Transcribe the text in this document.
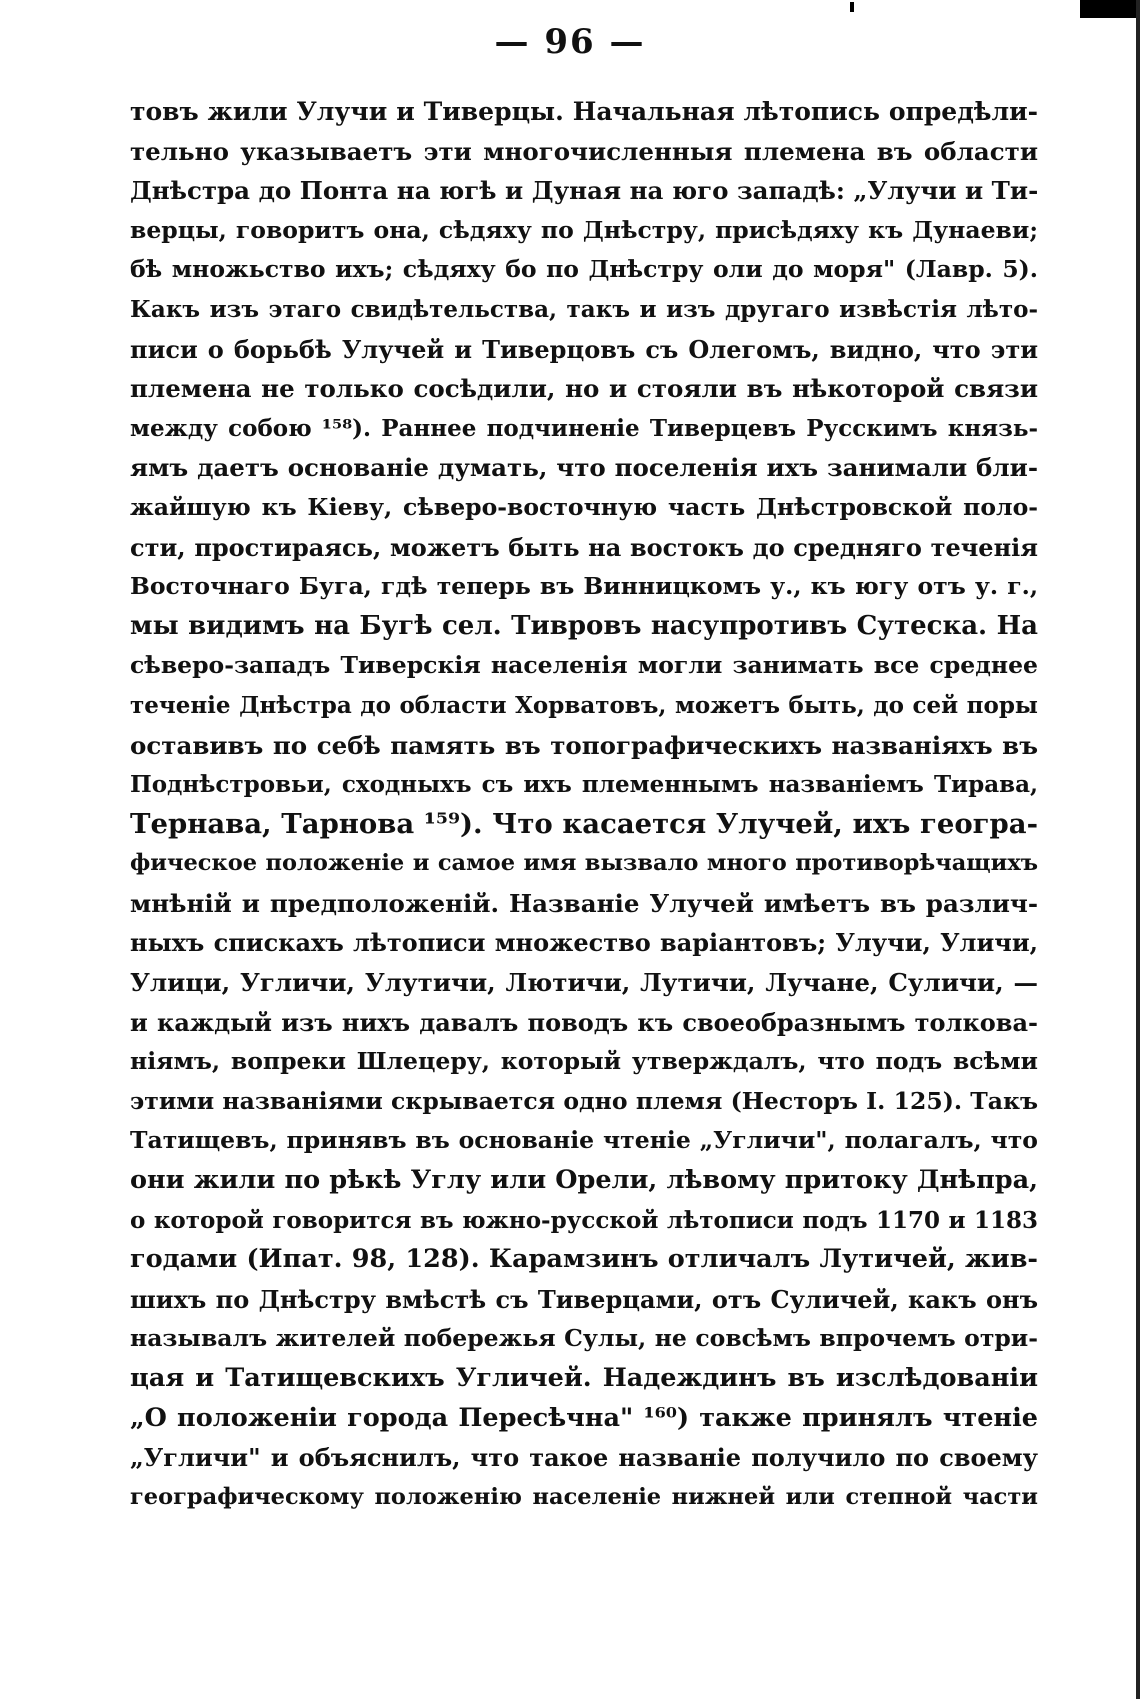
— 96 —
товъ жили Улучи и Тиверцы. Начальная лѣтопись опредѣли-
тельно указываетъ эти многочисленныя племена въ области
Днѣстра до Понта на югѣ и Дуная на юго западѣ: „Улучи и Ти-
верцы, говоритъ она, сѣдяху по Днѣстру, присѣдяху къ Дунаеви;
бѣ множьство ихъ; сѣдяху бо по Днѣстру оли до моря" (Лавр. 5).
Какъ изъ этаго свидѣтельства, такъ и изъ другаго извѣстія лѣто-
писи о борьбѣ Улучей и Тиверцовъ съ Олегомъ, видно, что эти
племена не только сосѣдили, но и стояли въ нѣкоторой связи
между собою ¹⁵⁸). Раннее подчиненіе Тиверцевъ Русскимъ князь-
ямъ даетъ основаніе думать, что поселенія ихъ занимали бли-
жайшую къ Кіеву, сѣверо-восточную часть Днѣстровской поло-
сти, простираясь, можетъ быть на востокъ до средняго теченія
Восточнаго Буга, гдѣ теперь въ Винницкомъ у., къ югу отъ у. г.,
мы видимъ на Бугѣ сел. Тивровъ насупротивъ Сутеска. На
сѣверо-западъ Тиверскія населенія могли занимать все среднее
теченіе Днѣстра до области Хорватовъ, можетъ быть, до сей поры
оставивъ по себѣ память въ топографическихъ названіяхъ въ
Поднѣстровьи, сходныхъ съ ихъ племеннымъ названіемъ Тирава,
Тернава, Тарнова ¹⁵⁹). Что касается Улучей, ихъ геогра-
фическое положеніе и самое имя вызвало много противорѣчащихъ
мнѣній и предположеній. Названіе Улучей имѣетъ въ различ-
ныхъ спискахъ лѣтописи множество варіантовъ; Улучи, Уличи,
Улици, Угличи, Улутичи, Лютичи, Лутичи, Лучане, Суличи, —
и каждый изъ нихъ давалъ поводъ къ своеобразнымъ толкова-
ніямъ, вопреки Шлецеру, который утверждалъ, что подъ всѣми
этими названіями скрывается одно племя (Несторъ I. 125). Такъ
Татищевъ, принявъ въ основаніе чтеніе „Угличи", полагалъ, что
они жили по рѣкѣ Углу или Орели, лѣвому притоку Днѣпра,
о которой говорится въ южно-русской лѣтописи подъ 1170 и 1183
годами (Ипат. 98, 128). Карамзинъ отличалъ Лутичей, жив-
шихъ по Днѣстру вмѣстѣ съ Тиверцами, отъ Суличей, какъ онъ
называлъ жителей побережья Сулы, не совсѣмъ впрочемъ отри-
цая и Татищевскихъ Угличей. Надеждинъ въ изслѣдованіи
„О положеніи города Пересѣчна" ¹⁶⁰) также принялъ чтеніе
„Угличи" и объяснилъ, что такое названіе получило по своему
географическому положенію населеніе нижней или степной части
